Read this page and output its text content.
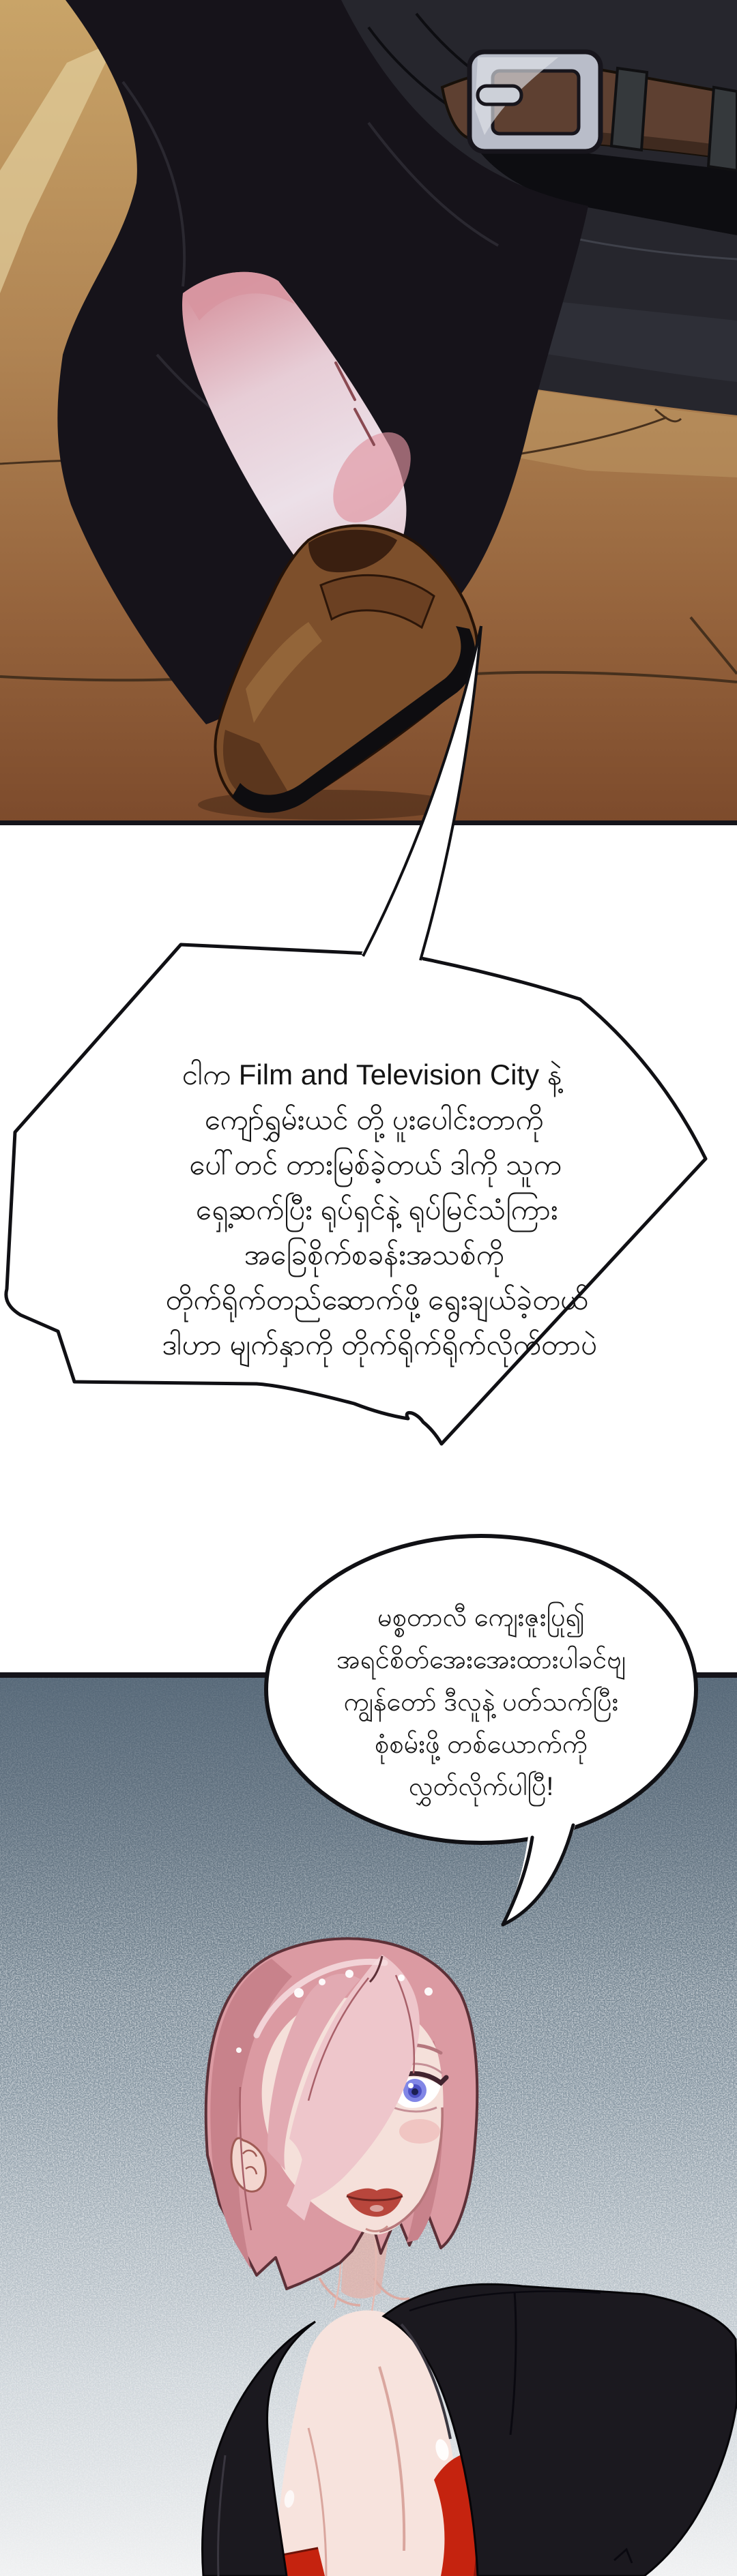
ငါက Film and Television City နဲ့
ကျော်ရွှမ်းယင် တို့ ပူးပေါင်းတာကို
ပေါ်တင် တားမြစ်ခဲ့တယ် ဒါကို သူက
ရှေ့ဆက်ပြီး ရုပ်ရှင်နဲ့ ရုပ်မြင်သံကြား
အခြေစိုက်စခန်းအသစ်ကို
တိုက်ရိုက်တည်ဆောက်ဖို့ ရွေးချယ်ခဲ့တယ်
ဒါဟာ မျက်နှာကို တိုက်ရိုက်ရိုက်လိုက်တာပဲ
မစ္စတာလီ ကျေးဇူးပြု၍
အရင်စိတ်အေးအေးထားပါခင်ဗျ
ကျွန်တော် ဒီလူနဲ့ ပတ်သက်ပြီး
စုံစမ်းဖို့ တစ်ယောက်ကို
လွှတ်လိုက်ပါပြီ!
